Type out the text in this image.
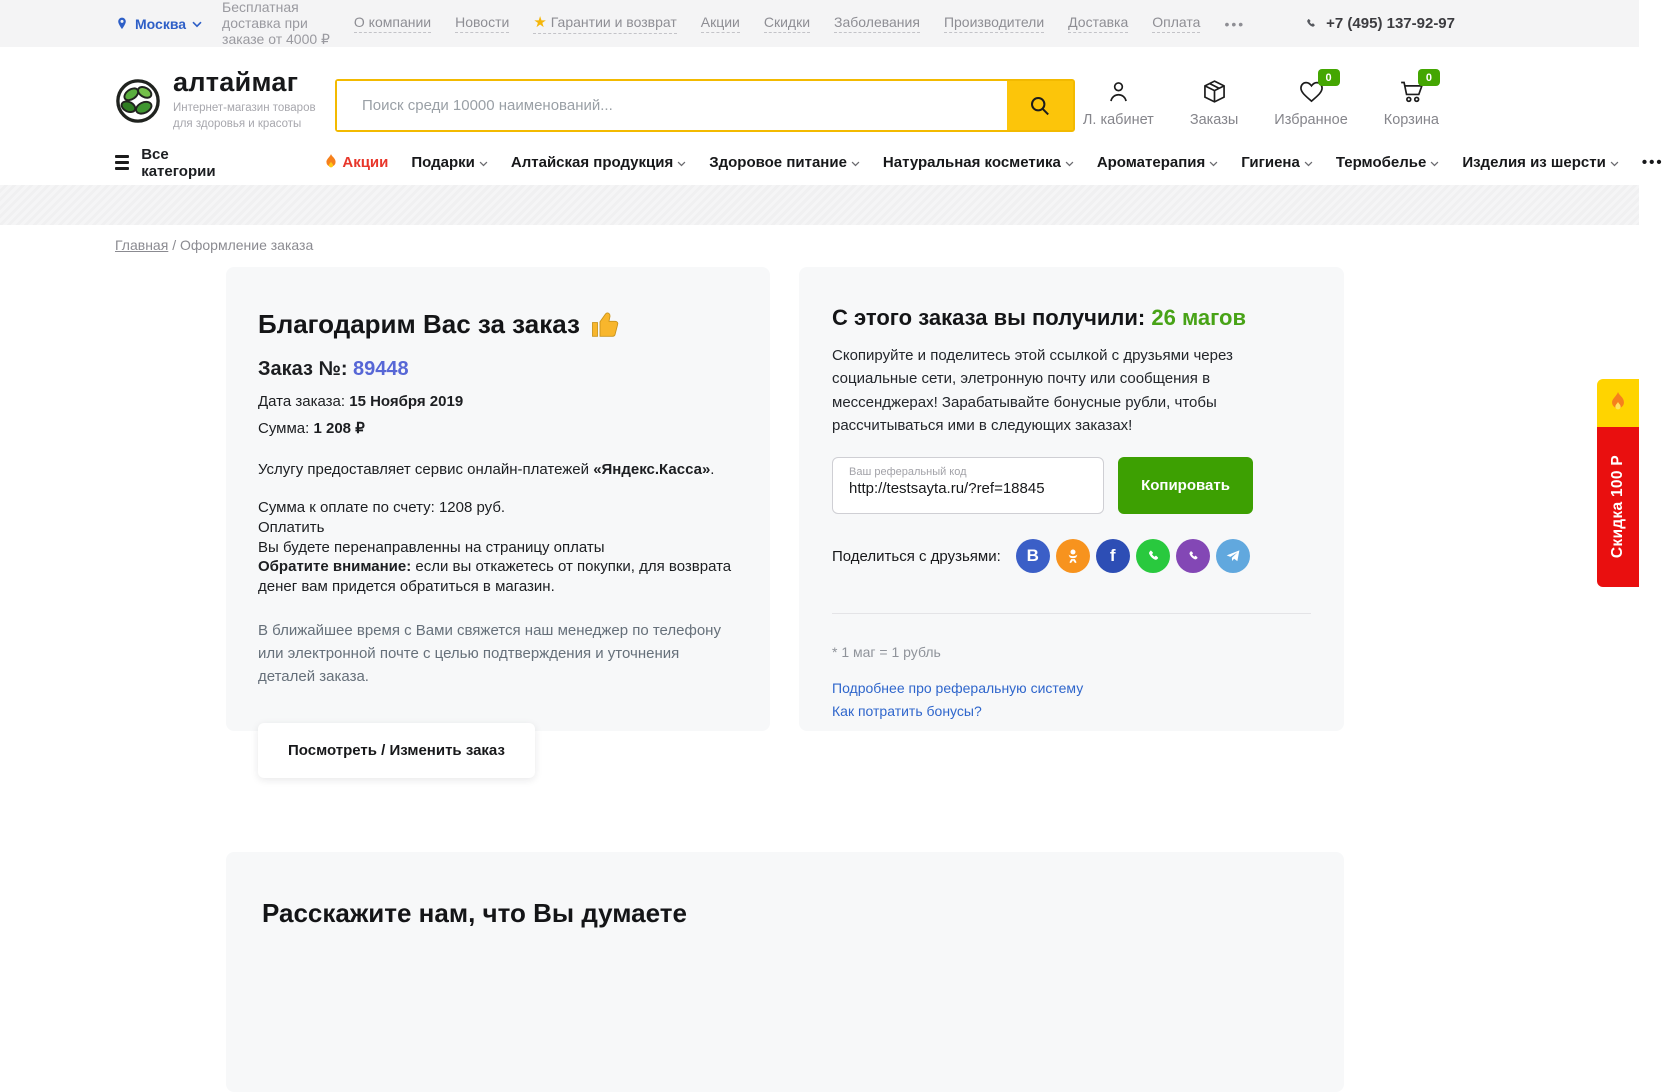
Москва
Бесплатная доставка при заказе от 4000 ₽
О компании Новости ★ Гарантии и возврат Акции Скидки Заболевания Производители Доставка Оплата •••	+7 (495) 137-92-97
алтаймаг
Интернет-магазин товаров
для здоровья и красоты
Поиск среди 10000 наименований...	Л. кабинет Заказы
0
Избранное
0
Корзина
Все категории	Акции Подарки Алтайская продукция Здоровое питание Натуральная косметика Ароматерапия Гигиена Термобелье Изделия из шерсти •••
Главная / Оформление заказа
Благодарим Вас за заказ
Заказ №: 89448
Дата заказа: 15 Ноября 2019
Сумма: 1 208 ₽

Услугу предоставляет сервис онлайн-платежей «Яндекс.Касса».

Сумма к оплате по счету: 1208 руб.
Оплатить
Вы будете перенаправленны на страницу оплаты
Обратите внимание: если вы откажетесь от покупки, для возврата денег вам придется обратиться в магазин.

В ближайшее время с Вами свяжется наш менеджер по телефону или электронной почте с целью подтверждения и уточнения деталей заказа.

Посмотреть / Изменить заказ
С этого заказа вы получили: 26 магов

Скопируйте и поделитесь этой ссылкой с друзьями через социальные сети, элетронную почту или сообщения в мессенджерах! Зарабатывайте бонусные рубли, чтобы рассчитываться ими в следующих заказах!

Ваш реферальный код
http://testsayta.ru/?ref=18845
Копировать
Поделиться с друзьями:	В	f
* 1 маг = 1 рубль
Подробнее про реферальную систему
Как потратить бонусы?
Расскажите нам, что Вы думаете
Скидка 100 Р
